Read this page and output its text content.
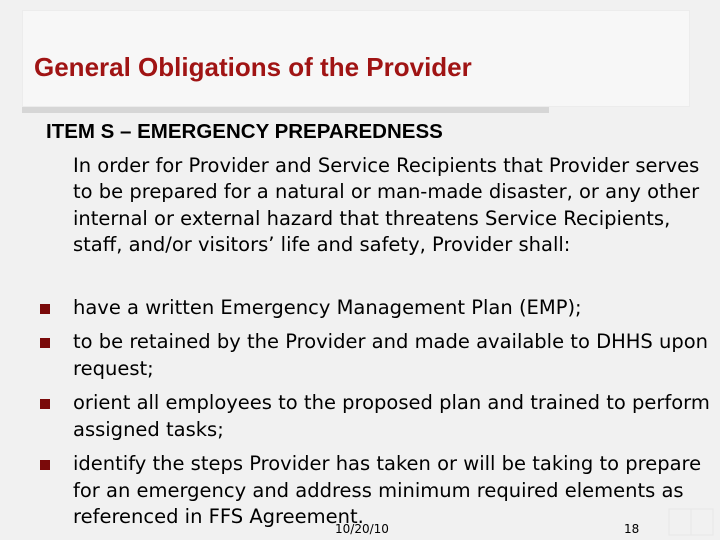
General Obligations of the Provider
ITEM S – EMERGENCY PREPAREDNESS

In order for Provider and Service Recipients that Provider serves to be prepared for a natural or man-made disaster, or any other internal or external hazard that threatens Service Recipients, staff, and/or visitors’ life and safety, Provider shall:

have a written Emergency Management Plan (EMP);
to be retained by the Provider and made available to DHHS upon request;
orient all employees to the proposed plan and trained to perform assigned tasks;
identify the steps Provider has taken or will be taking to prepare for an emergency and address minimum required elements as referenced in FFS Agreement.
10/20/10	18
